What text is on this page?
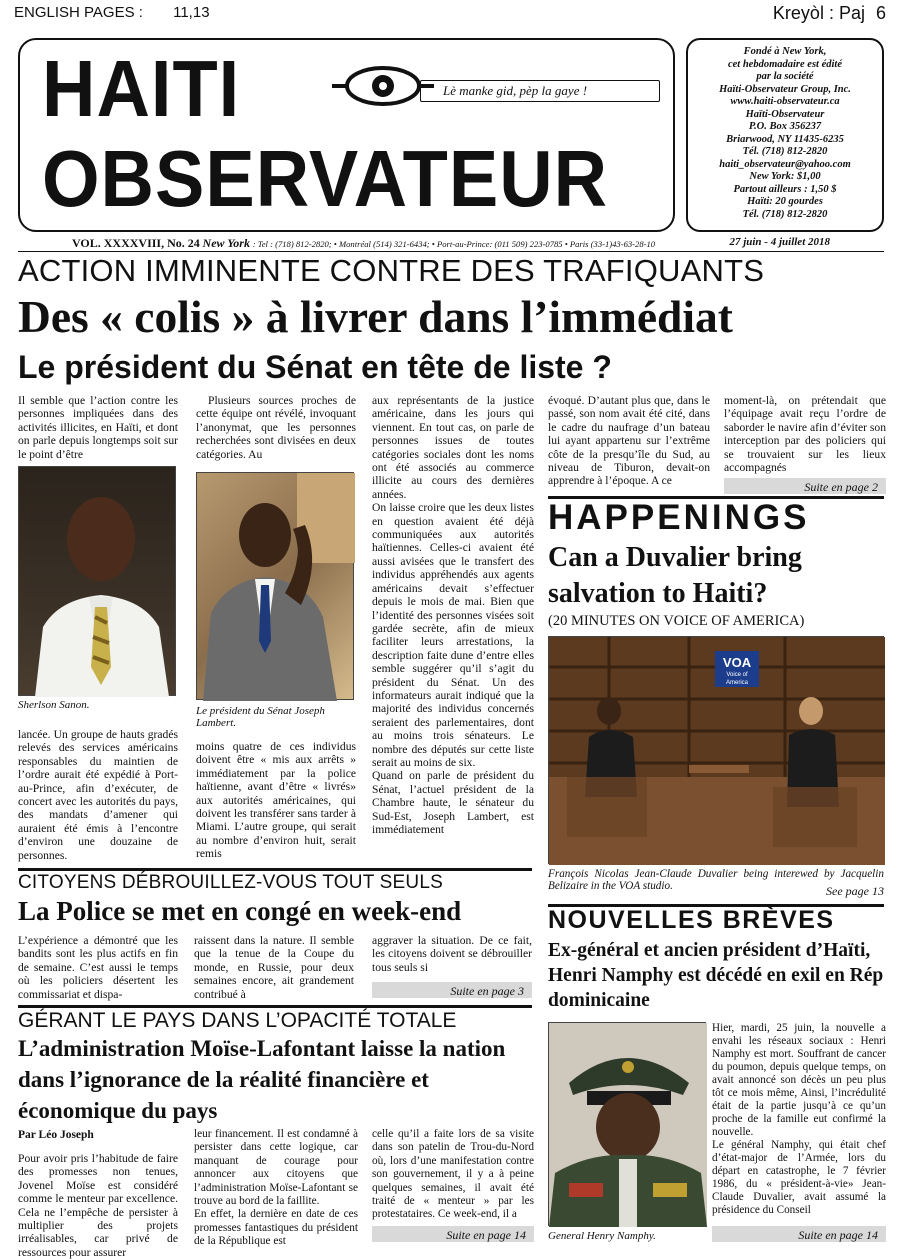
ENGLISH PAGES : 11,13	Kreyòl : Paj 6
HAITI
OBSERVATEUR
Lè manke gid, pèp la gaye !
Fondé à New York,
cet hebdomadaire est édité
par la société
Haïti-Observateur Group, Inc.
www.haiti-observateur.ca
Haïti-Observateur
P.O. Box 356237
Briarwood, NY 11435-6235
Tél. (718) 812-2820
haiti_observateur@yahoo.com
New York: $1,00
Partout ailleurs : 1,50 $
Haïti: 20 gourdes
Tél. (718) 812-2820
VOL. XXXXVIII, No. 24 New York : Tel : (718) 812-2820; • Montréal (514) 321-6434; • Port-au-Prince: (011 509) 223-0785 • Paris (33-1)43-63-28-10	27 juin - 4 juillet 2018
ACTION IMMINENTE CONTRE DES TRAFIQUANTS
Des « colis » à livrer dans l’immédiat
Le président du Sénat en tête de liste ?
Il semble que l’action contre les personnes impliquées dans des activités illicites, en Haïti, et dont on parle depuis longtemps soit sur le point d’être
Sherlson Sanon.
lancée. Un groupe de hauts gradés relevés des services américains responsables du maintien de l’ordre aurait été expédié à Port-au-Prince, afin d’exécuter, de concert avec les autorités du pays, des mandats d’amener qui auraient été émis à l’encontre d’environ une douzaine de personnes.
Plusieurs sources proches de cette équipe ont révélé, invoquant l’anonymat, que les personnes recherchées sont divisées en deux catégories. Au
Le président du Sénat Joseph Lambert.
moins quatre de ces individus doivent être « mis aux arrêts » immédiatement par la police haïtienne, avant d’être « livrés» aux autorités américaines, qui doivent les transférer sans tarder à Miami. L’autre groupe, qui serait au nombre d’environ huit, serait remis
aux représentants de la justice américaine, dans les jours qui viennent. En tout cas, on parle de personnes issues de toutes catégories sociales dont les noms ont été associés au commerce illicite au cours des dernières années.
On laisse croire que les deux listes en question avaient été déjà communiquées aux autorités haïtiennes. Celles-ci avaient été aussi avisées que le transfert des individus appréhendés aux agents américains devait s’effectuer depuis le mois de mai. Bien que l’identité des personnes visées soit gardée secrète, afin de mieux faciliter leurs arrestations, la description faite dune d’entre elles semble suggérer qu’il s’agit du président du Sénat. Un des informateurs aurait indiqué que la majorité des individus concernés seraient des parlementaires, dont au moins trois sénateurs. Le nombre des députés sur cette liste serait au moins de six.
Quand on parle de président du Sénat, l’actuel président de la Chambre haute, le sénateur du Sud-Est, Joseph Lambert, est immédiatement
évoqué. D’autant plus que, dans le passé, son nom avait été cité, dans le cadre du naufrage d’un bateau lui ayant appartenu sur l’extrême côte de la presqu’île du Sud, au niveau de Tiburon, devait-on apprendre à l’époque. A ce
moment-là, on prétendait que l’équipage avait reçu l’ordre de saborder le navire afin d’éviter son interception par des policiers qui se trouvaient sur les lieux accompagnés
Suite en page 2
HAPPENINGS
Can a Duvalier bring salvation to Haiti?
(20 MINUTES ON VOICE OF AMERICA)
VOA
Voice of America
François Nicolas Jean-Claude Duvalier being interewed by Jacquelin Belizaire in the VOA studio.	See page 13
CITOYENS DÉBROUILLEZ-VOUS TOUT SEULS
La Police se met en congé en week-end
L’expérience a démontré que les bandits sont les plus actifs en fin de semaine. C’est aussi le temps où les policiers désertent les commissariat et dispa-
raissent dans la nature. Il semble que la tenue de la Coupe du monde, en Russie, pour deux semaines encore, ait grandement contribué à
aggraver la situation. De ce fait, les citoyens doivent se débrouiller tous seuls si
Suite en page 3
GÉRANT LE PAYS DANS L’OPACITÉ TOTALE
L’administration Moïse-Lafontant laisse la nation dans l’ignorance de la réalité financière et économique du pays
Par Léo Joseph
Pour avoir pris l’habitude de faire des promesses non tenues, Jovenel Moïse est considéré comme le menteur par excellence. Cela ne l’empêche de persister à multiplier des projets irréalisables, car privé de ressources pour assurer
leur financement. Il est condamné à persister dans cette logique, car manquant de courage pour annoncer aux citoyens que l’administration Moïse-Lafontant se trouve au bord de la faillite.
En effet, la dernière en date de ces promesses fantastiques du président de la République est
celle qu’il a faite lors de sa visite dans son patelin de Trou-du-Nord où, lors d’une manifestation contre son gouvernement, il y a à peine quelques semaines, il avait été traité de « menteur » par les protestataires. Ce week-end, il a
Suite en page 14
NOUVELLES BRÈVES
Ex-général et ancien président d’Haïti, Henri Namphy est décédé en exil en Rép dominicaine
General Henry Namphy.
Hier, mardi, 25 juin, la nouvelle a envahi les réseaux sociaux : Henri Namphy est mort. Souffrant de cancer du poumon, depuis quelque temps, on avait annoncé son décès un peu plus tôt ce mois même, Ainsi, l’incrédulité était de la partie jusqu’à ce qu’un proche de la famille eut confirmé la nouvelle.
Le général Namphy, qui était chef d’état-major de l’Armée, lors du départ en catastrophe, le 7 février 1986, du « président-à-vie» Jean-Claude Duvalier, avait assumé la présidence du Conseil
Suite en page 14
